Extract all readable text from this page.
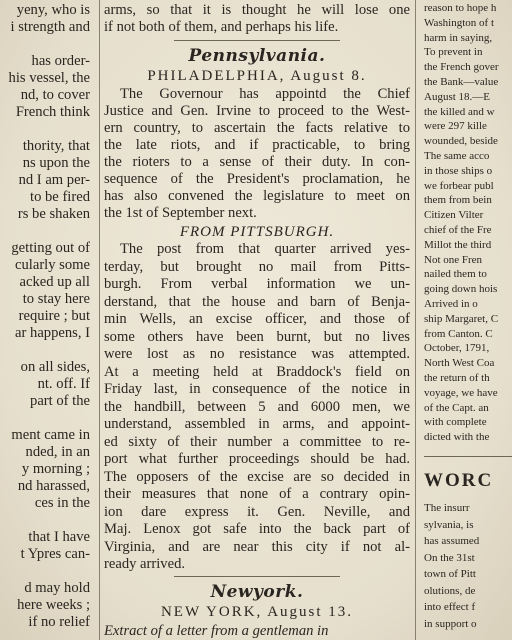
yeny, who is
i strength and
has order-
his vessel, the
nd, to cover
French think
thority, that
ns upon the
nd I am per-
to be fired
rs be shaken
getting out of
cularly some
acked up all
to stay here
require ; but
ar happens, I
on all sides,
nt. off. If
part of the
ment came in
nded, in an
y morning ;
nd harassed,
ces in the
that I have
t Ypres can-
d may hold
here weeks ;
if no relief
arms, so that it is thought he will lose one
if not both of them, and perhaps his life.
Pennsylvania.
PHILADELPHIA, August 8.
The Governour has appointd the Chief
Justice and Gen. Irvine to proceed to the West-
ern country, to ascertain the facts relative to
the late riots, and if practicable, to bring
the rioters to a sense of their duty. In con-
sequence of the President's proclamation, he
has also convened the legislature to meet on
the 1st of September next.
FROM PITTSBURGH.
The post from that quarter arrived yes-
terday, but brought no mail from Pitts-
burgh. From verbal information we un-
derstand, that the house and barn of Benja-
min Wells, an excise officer, and those of
some others have been burnt, but no lives
were lost as no resistance was attempted.
At a meeting held at Braddock's field on
Friday last, in consequence of the notice in
the handbill, between 5 and 6000 men, we
understand, assembled in arms, and appoint-
ed sixty of their number a committee to re-
port what further proceedings should be had.
The opposers of the excise are so decided in
their measures that none of a contrary opin-
ion dare express it. Gen. Neville, and
Maj. Lenox got safe into the back part of
Virginia, and are near this city if not al-
ready arrived.
Newyork.
NEW YORK, August 13.
Extract of a letter from a gentleman in
reason to hope h
Washington of t
harm in saying,
To prevent in
the French gover
the Bank—value
August 18.—E
the killed and w
were 297 kille
wounded, beside
The same acco
in those ships o
we forbear publ
them from bein
Citizen Vilter
chief of the Fre
Millot the third
Not one Fren
nailed them to
going down hois
Arrived in o
ship Margaret, C
from Canton. C
October, 1791,
North West Coa
the return of th
voyage, we have
of the Capt. an
with complete
dicted with the
WORC
The insurr
sylvania, is
has assumed
On the 31st
town of Pitt
olutions, de
into effect f
in support o
